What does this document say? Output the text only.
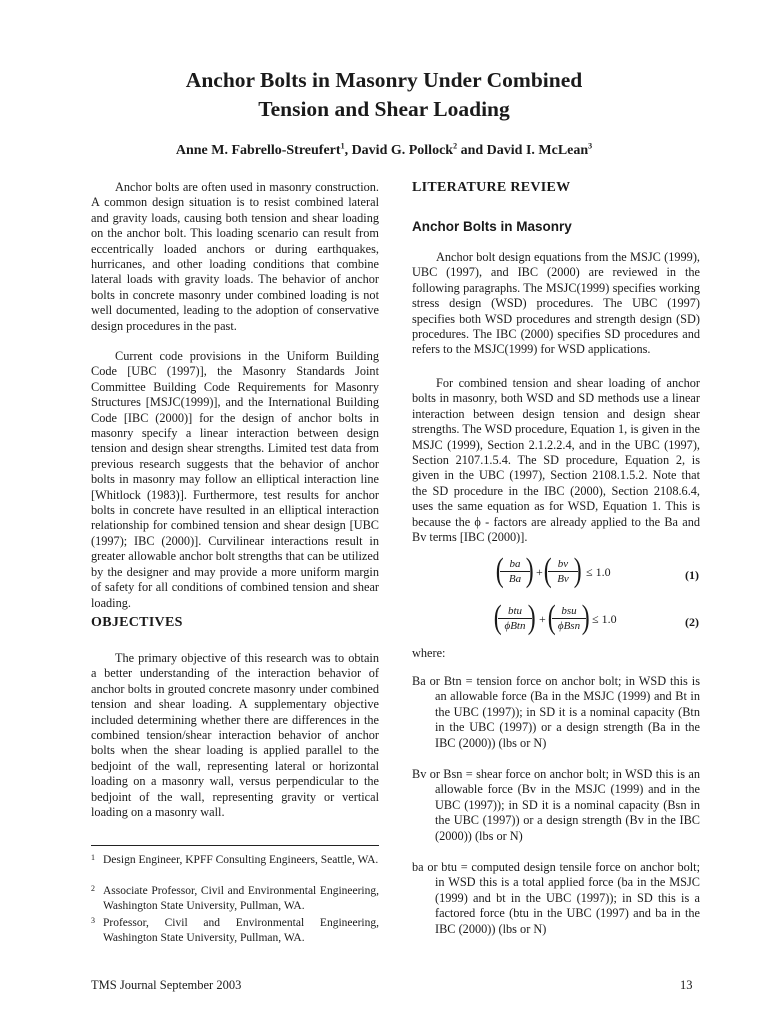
Anchor Bolts in Masonry Under Combined
Tension and Shear Loading
Anne M. Fabrello-Streufert$^1$, David G. Pollock$^2$ and David I. McLean$^3$

Anchor bolts are often used in masonry construction. A common design situation is to resist combined lateral and gravity loads, causing both tension and shear loading on the anchor bolt. This loading scenario can result from eccentrically loaded anchors or during earthquakes, hurricanes, and other loading conditions that combine lateral loads with gravity loads. The behavior of anchor bolts in concrete masonry under combined loading is not well documented, leading to the adoption of conservative design procedures in the past.

Current code provisions in the Uniform Building Code [UBC (1997)], the Masonry Standards Joint Committee Building Code Requirements for Masonry Structures [MSJC(1999)], and the International Building Code [IBC (2000)] for the design of anchor bolts in masonry specify a linear interaction between design tension and design shear strengths. Limited test data from previous research suggests that the behavior of anchor bolts in masonry may follow an elliptical interaction line [Whitlock (1983)]. Furthermore, test results for anchor bolts in concrete have resulted in an elliptical interaction relationship for combined tension and shear design [UBC (1997); IBC (2000)]. Curvilinear interactions result in greater allowable anchor bolt strengths that can be utilized by the designer and may provide a more uniform margin of safety for all conditions of combined tension and shear loading.

OBJECTIVES

The primary objective of this research was to obtain a better understanding of the interaction behavior of anchor bolts in grouted concrete masonry under combined tension and shear loading. A supplementary objective included determining whether there are differences in the combined tension/shear interaction behavior of anchor bolts when the shear loading is applied parallel to the bedjoint of the wall, representing lateral or horizontal loading on a masonry wall, versus perpendicular to the bedjoint of the wall, representing gravity or vertical loading on a masonry wall.

1 Design Engineer, KPFF Consulting Engineers, Seattle, WA.
2 Associate Professor, Civil and Environmental Engineering, Washington State University, Pullman, WA.
3 Professor, Civil and Environmental Engineering, Washington State University, Pullman, WA.
LITERATURE REVIEW
Anchor Bolts in Masonry

Anchor bolt design equations from the MSJC (1999), UBC (1997), and IBC (2000) are reviewed in the following paragraphs. The MSJC(1999) specifies working stress design (WSD) procedures. The UBC (1997) specifies both WSD procedures and strength design (SD) procedures. The IBC (2000) specifies SD procedures and refers to the MSJC(1999) for WSD applications.

For combined tension and shear loading of anchor bolts in masonry, both WSD and SD methods use a linear interaction between design tension and design shear strengths. The WSD procedure, Equation 1, is given in the MSJC (1999), Section 2.1.2.2.4, and in the UBC (1997), Section 2107.1.5.4. The SD procedure, Equation 2, is given in the UBC (1997), Section 2108.1.5.2. Note that the SD procedure in the IBC (2000), Section 2108.6.4, uses the same equation as for WSD, Equation 1. This is because the ϕ - factors are already applied to the Ba and Bv terms [IBC (2000)].

(
$\frac{ba}{Ba}$
) + (
$\frac{bv}{Bv}$
) ≤ 1.0	(1)
( btu
ϕBtn ) + ( bsu
ϕBsn ) ≤ 1.0	(2)

where:

Ba or Btn = tension force on anchor bolt; in WSD this is an allowable force (Ba in the MSJC (1999) and Bt in the UBC (1997)); in SD it is a nominal capacity (Btn in the UBC (1997)) or a design strength (Ba in the IBC (2000)) (lbs or N)

Bv or Bsn = shear force on anchor bolt; in WSD this is an allowable force (Bv in the MSJC (1999) and in the UBC (1997)); in SD it is a nominal capacity (Bsn in the UBC (1997)) or a design strength (Bv in the IBC (2000)) (lbs or N)

ba or btu = computed design tensile force on anchor bolt; in WSD this is a total applied force (ba in the MSJC (1999) and bt in the UBC (1997)); in SD this is a factored force (btu in the UBC (1997) and ba in the IBC (2000)) (lbs or N)

TMS Journal September 2003	13
